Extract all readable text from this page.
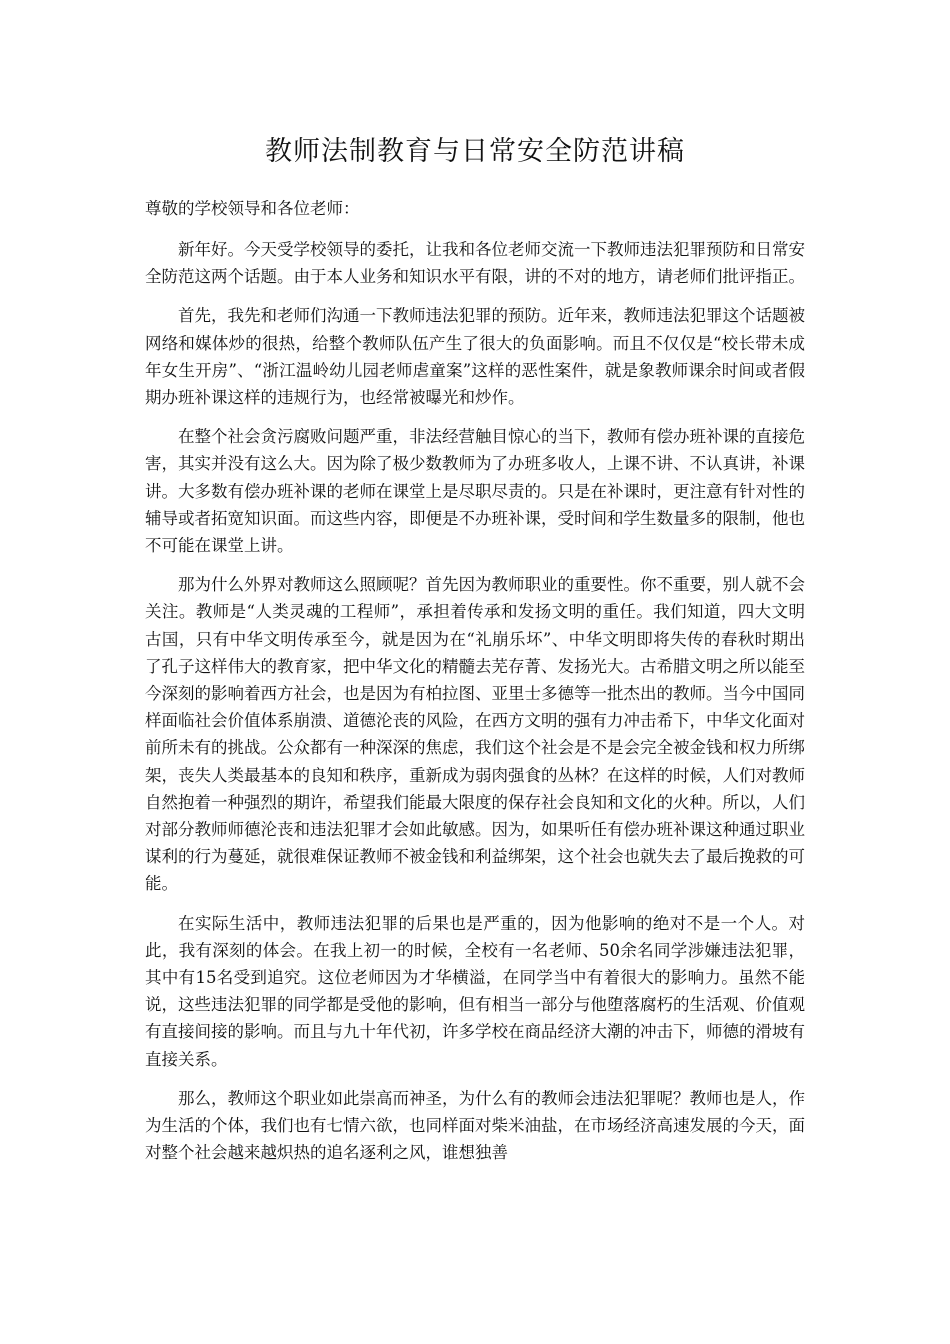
教师法制教育与日常安全防范讲稿

尊敬的学校领导和各位老师：

新年好。今天受学校领导的委托，让我和各位老师交流一下教师违法犯罪预防和日常安全防范这两个话题。由于本人业务和知识水平有限，讲的不对的地方，请老师们批评指正。

首先，我先和老师们沟通一下教师违法犯罪的预防。近年来，教师违法犯罪这个话题被网络和媒体炒的很热，给整个教师队伍产生了很大的负面影响。而且不仅仅是“校长带未成年女生开房”、“浙江温岭幼儿园老师虐童案”这样的恶性案件，就是象教师课余时间或者假期办班补课这样的违规行为，也经常被曝光和炒作。

在整个社会贪污腐败问题严重，非法经营触目惊心的当下，教师有偿办班补课的直接危害，其实并没有这么大。因为除了极少数教师为了办班多收人，上课不讲、不认真讲，补课讲。大多数有偿办班补课的老师在课堂上是尽职尽责的。只是在补课时，更注意有针对性的辅导或者拓宽知识面。而这些内容，即便是不办班补课，受时间和学生数量多的限制，他也不可能在课堂上讲。

那为什么外界对教师这么照顾呢？首先因为教师职业的重要性。你不重要，别人就不会关注。教师是“人类灵魂的工程师”，承担着传承和发扬文明的重任。我们知道，四大文明古国，只有中华文明传承至今，就是因为在“礼崩乐坏”、中华文明即将失传的春秋时期出了孔子这样伟大的教育家，把中华文化的精髓去芜存菁、发扬光大。古希腊文明之所以能至今深刻的影响着西方社会，也是因为有柏拉图、亚里士多德等一批杰出的教师。当今中国同样面临社会价值体系崩溃、道德沦丧的风险，在西方文明的强有力冲击希下，中华文化面对前所未有的挑战。公众都有一种深深的焦虑，我们这个社会是不是会完全被金钱和权力所绑架，丧失人类最基本的良知和秩序，重新成为弱肉强食的丛林？在这样的时候，人们对教师自然抱着一种强烈的期许，希望我们能最大限度的保存社会良知和文化的火种。所以，人们对部分教师师德沦丧和违法犯罪才会如此敏感。因为，如果听任有偿办班补课这种通过职业谋利的行为蔓延，就很难保证教师不被金钱和利益绑架，这个社会也就失去了最后挽救的可能。

在实际生活中，教师违法犯罪的后果也是严重的，因为他影响的绝对不是一个人。对此，我有深刻的体会。在我上初一的时候，全校有一名老师、50余名同学涉嫌违法犯罪，其中有15名受到追究。这位老师因为才华横溢，在同学当中有着很大的影响力。虽然不能说，这些违法犯罪的同学都是受他的影响，但有相当一部分与他堕落腐朽的生活观、价值观有直接间接的影响。而且与九十年代初，许多学校在商品经济大潮的冲击下，师德的滑坡有直接关系。

那么，教师这个职业如此崇高而神圣，为什么有的教师会违法犯罪呢？教师也是人，作为生活的个体，我们也有七情六欲，也同样面对柴米油盐，在市场经济高速发展的今天，面对整个社会越来越炽热的追名逐利之风，谁想独善
